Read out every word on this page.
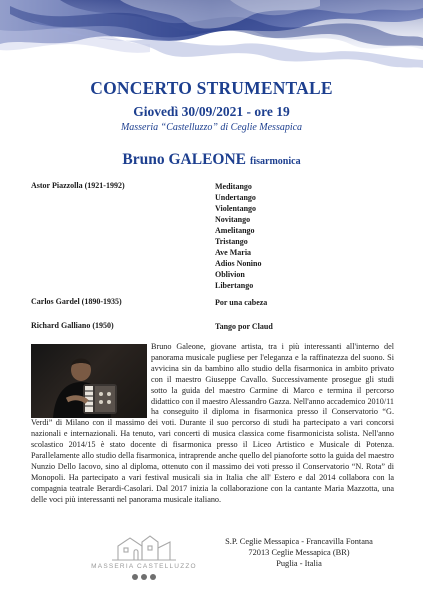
CONCERTO STRUMENTALE
Giovedì 30/09/2021 - ore 19
Masseria “Castelluzzo” di Ceglie Messapica
Bruno GALEONE fisarmonica
Astor Piazzolla (1921-1992)	Meditango
Undertango
Violentango
Novitango
Amelitango
Tristango
Ave Maria
Adios Nonino
Oblivion
Libertango
Carlos Gardel (1890-1935)	Por una cabeza
Richard Galliano (1950)	Tango por Claud

Bruno Galeone, giovane artista, tra i più interessanti all'interno del panorama musicale pugliese per l'eleganza e la raffinatezza del suono. Si avvicina sin da bambino allo studio della fisarmonica in ambito privato con il maestro Giuseppe Cavallo. Successivamente prosegue gli studi sotto la guida del maestro Carmine di Marco e termina il percorso didattico con il maestro Alessandro Gazza. Nell'anno accademico 2010/11 ha conseguito il diploma in fisarmonica presso il Conservatorio “G. Verdi” di Milano con il massimo dei voti. Durante il suo percorso di studi ha partecipato a vari concorsi nazionali e internazionali. Ha tenuto, vari concerti di musica classica come fisarmonicista solista. Nell'anno scolastico 2014/15 è stato docente di fisarmonica presso il Liceo Artistico e Musicale di Potenza. Parallelamente allo studio della fisarmonica, intraprende anche quello del pianoforte sotto la guida del maestro Nunzio Dello Iacovo, sino al diploma, ottenuto con il massimo dei voti presso il Conservatorio “N. Rota” di Monopoli. Ha partecipato a vari festival musicali sia in Italia che all' Estero e dal 2014 collabora con la compagnia teatrale Berardi-Casolari. Dal 2017 inizia la collaborazione con la cantante Maria Mazzotta, una delle voci più interessanti nel panorama musicale italiano.

MASSERIA CASTELLUZZO
S.P. Ceglie Messapica - Francavilla Fontana
72013 Ceglie Messapica (BR)
Puglia - Italia
